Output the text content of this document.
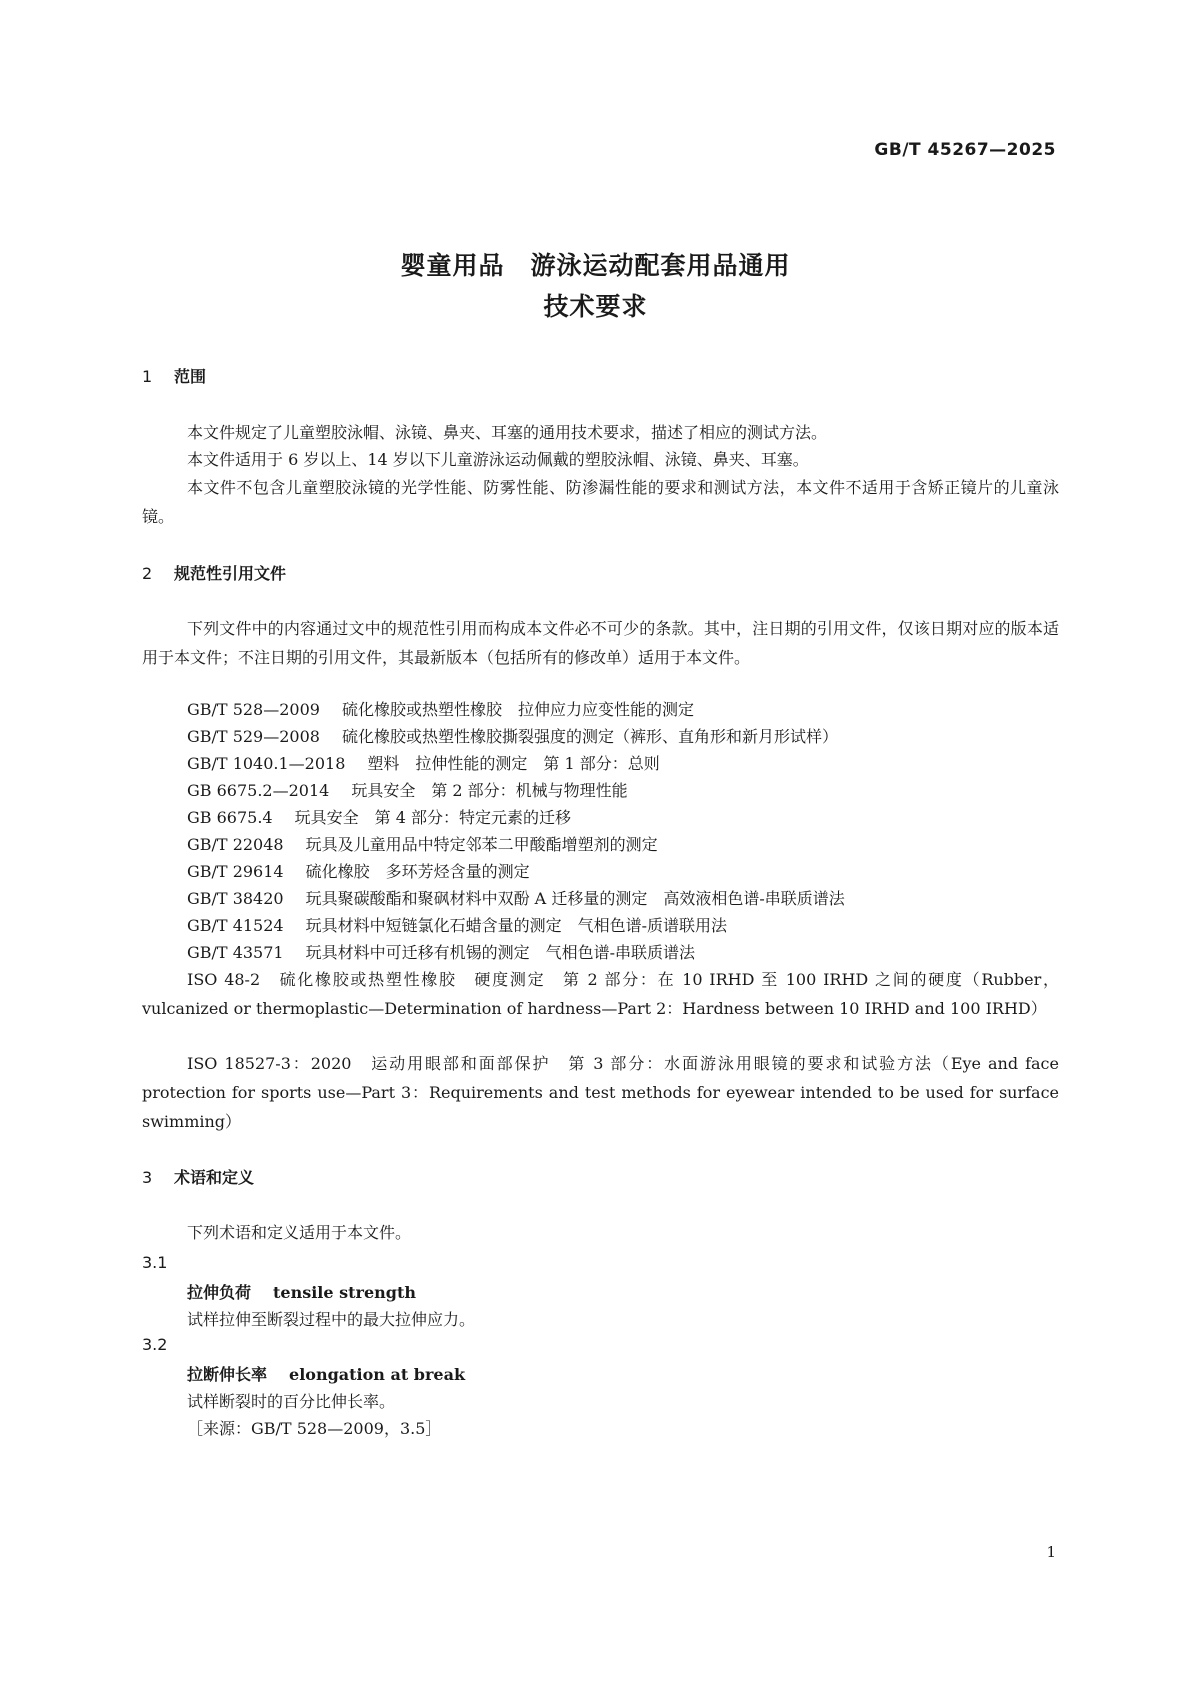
GB/T 45267—2025
婴童用品　游泳运动配套用品通用
技术要求
1 范围
本文件规定了儿童塑胶泳帽、泳镜、鼻夹、耳塞的通用技术要求，描述了相应的测试方法。
本文件适用于 6 岁以上、14 岁以下儿童游泳运动佩戴的塑胶泳帽、泳镜、鼻夹、耳塞。
本文件不包含儿童塑胶泳镜的光学性能、防雾性能、防渗漏性能的要求和测试方法，本文件不适用于含矫正镜片的儿童泳镜。
2 规范性引用文件
下列文件中的内容通过文中的规范性引用而构成本文件必不可少的条款。其中，注日期的引用文件，仅该日期对应的版本适用于本文件；不注日期的引用文件，其最新版本（包括所有的修改单）适用于本文件。
GB/T 528—2009 硫化橡胶或热塑性橡胶　拉伸应力应变性能的测定
GB/T 529—2008 硫化橡胶或热塑性橡胶撕裂强度的测定（裤形、直角形和新月形试样）
GB/T 1040.1—2018 塑料　拉伸性能的测定　第 1 部分：总则
GB 6675.2—2014 玩具安全　第 2 部分：机械与物理性能
GB 6675.4 玩具安全　第 4 部分：特定元素的迁移
GB/T 22048 玩具及儿童用品中特定邻苯二甲酸酯增塑剂的测定
GB/T 29614 硫化橡胶　多环芳烃含量的测定
GB/T 38420 玩具聚碳酸酯和聚砜材料中双酚 A 迁移量的测定　高效液相色谱-串联质谱法
GB/T 41524 玩具材料中短链氯化石蜡含量的测定　气相色谱-质谱联用法
GB/T 43571 玩具材料中可迁移有机锡的测定　气相色谱-串联质谱法
ISO 48-2　硫化橡胶或热塑性橡胶　硬度测定　第 2 部分：在 10 IRHD 至 100 IRHD 之间的硬度（Rubber，vulcanized or thermoplastic—Determination of hardness—Part 2：Hardness between 10 IRHD and 100 IRHD）
ISO 18527-3：2020　运动用眼部和面部保护　第 3 部分：水面游泳用眼镜的要求和试验方法（Eye and face protection for sports use—Part 3：Requirements and test methods for eyewear intended to be used for surface swimming）
3 术语和定义
下列术语和定义适用于本文件。
3.1
拉伸负荷 tensile strength
试样拉伸至断裂过程中的最大拉伸应力。
3.2
拉断伸长率 elongation at break
试样断裂时的百分比伸长率。
［来源：GB/T 528—2009，3.5］
1
